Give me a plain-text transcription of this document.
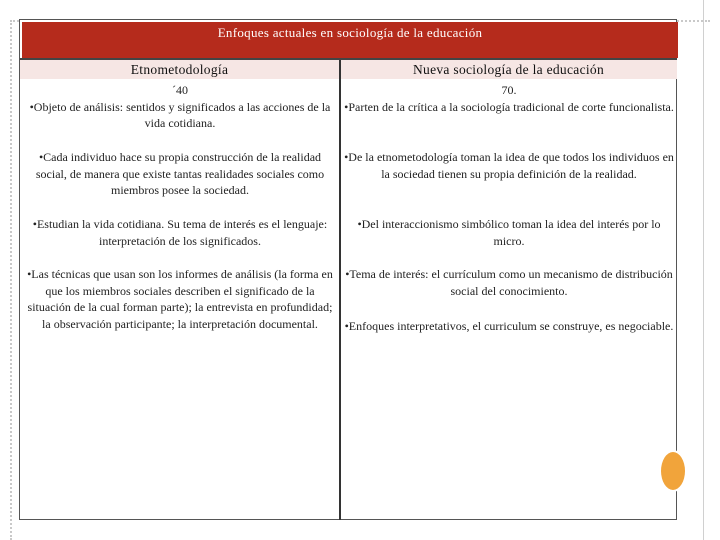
Enfoques actuales en sociología de la educación
Etnometodología	Nueva sociología de la educación
´40
•Objeto de análisis: sentidos y significados a las acciones de la vida cotidiana.
•Cada individuo hace su propia construcción de la realidad social, de manera que existe tantas realidades sociales como miembros posee la sociedad.
•Estudian la vida cotidiana. Su tema de interés es el lenguaje: interpretación de los significados.
•Las técnicas que usan son los informes de análisis (la forma en que los miembros sociales describen el significado de la situación de la cual forman parte); la entrevista en profundidad; la observación participante; la interpretación documental.
70.
•Parten de la crítica a la sociología tradicional de corte funcionalista.
•De la etnometodología toman la idea de que todos los individuos en la sociedad tienen su propia definición de la realidad.
•Del interaccionismo simbólico toman la idea del interés por lo micro.
•Tema de interés: el currículum como un mecanismo de distribución social del conocimiento.
•Enfoques interpretativos, el curriculum se construye, es negociable.
